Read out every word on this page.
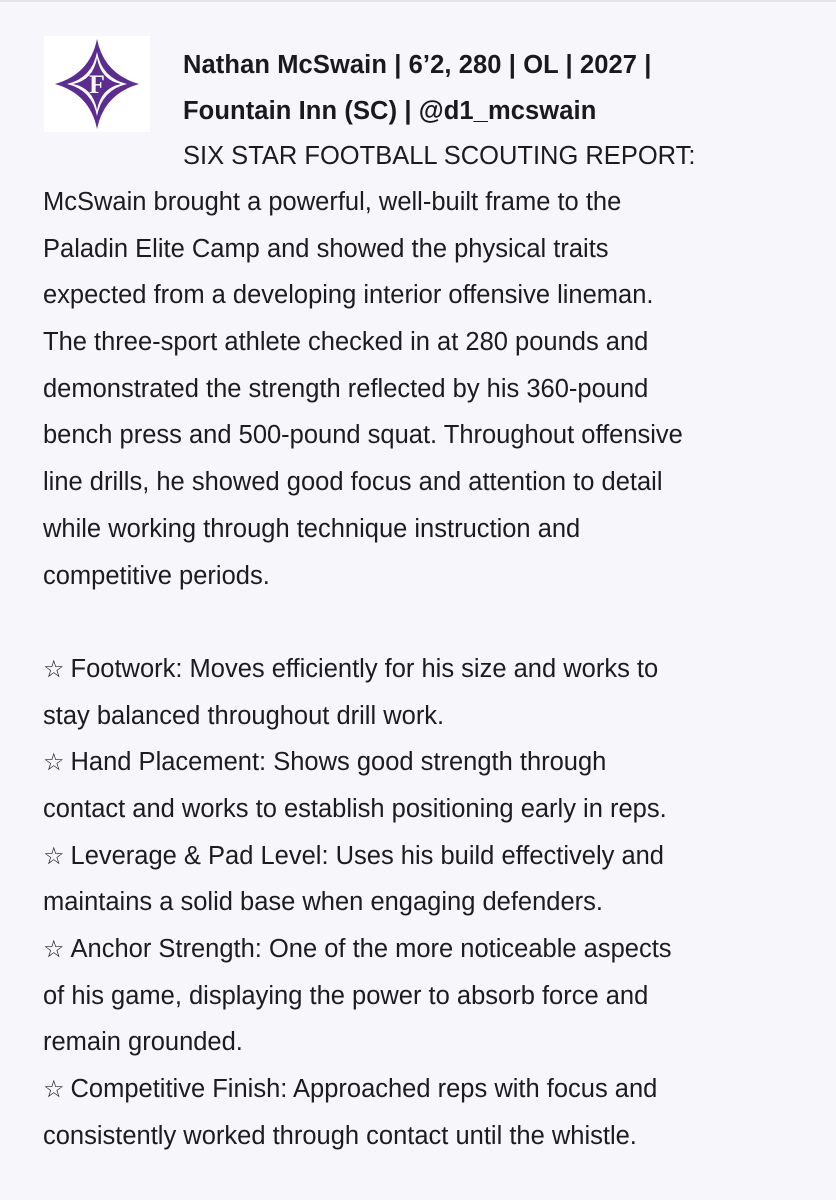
F
Nathan McSwain | 6’2, 280 | OL | 2027 |
Fountain Inn (SC) | @d1_mcswain
SIX STAR FOOTBALL SCOUTING REPORT:
McSwain brought a powerful, well-built frame to the
Paladin Elite Camp and showed the physical traits
expected from a developing interior offensive lineman.
The three-sport athlete checked in at 280 pounds and
demonstrated the strength reflected by his 360-pound
bench press and 500-pound squat. Throughout offensive
line drills, he showed good focus and attention to detail
while working through technique instruction and
competitive periods.
☆ Footwork: Moves efficiently for his size and works to
stay balanced throughout drill work.
☆ Hand Placement: Shows good strength through
contact and works to establish positioning early in reps.
☆ Leverage & Pad Level: Uses his build effectively and
maintains a solid base when engaging defenders.
☆ Anchor Strength: One of the more noticeable aspects
of his game, displaying the power to absorb force and
remain grounded.
☆ Competitive Finish: Approached reps with focus and
consistently worked through contact until the whistle.
